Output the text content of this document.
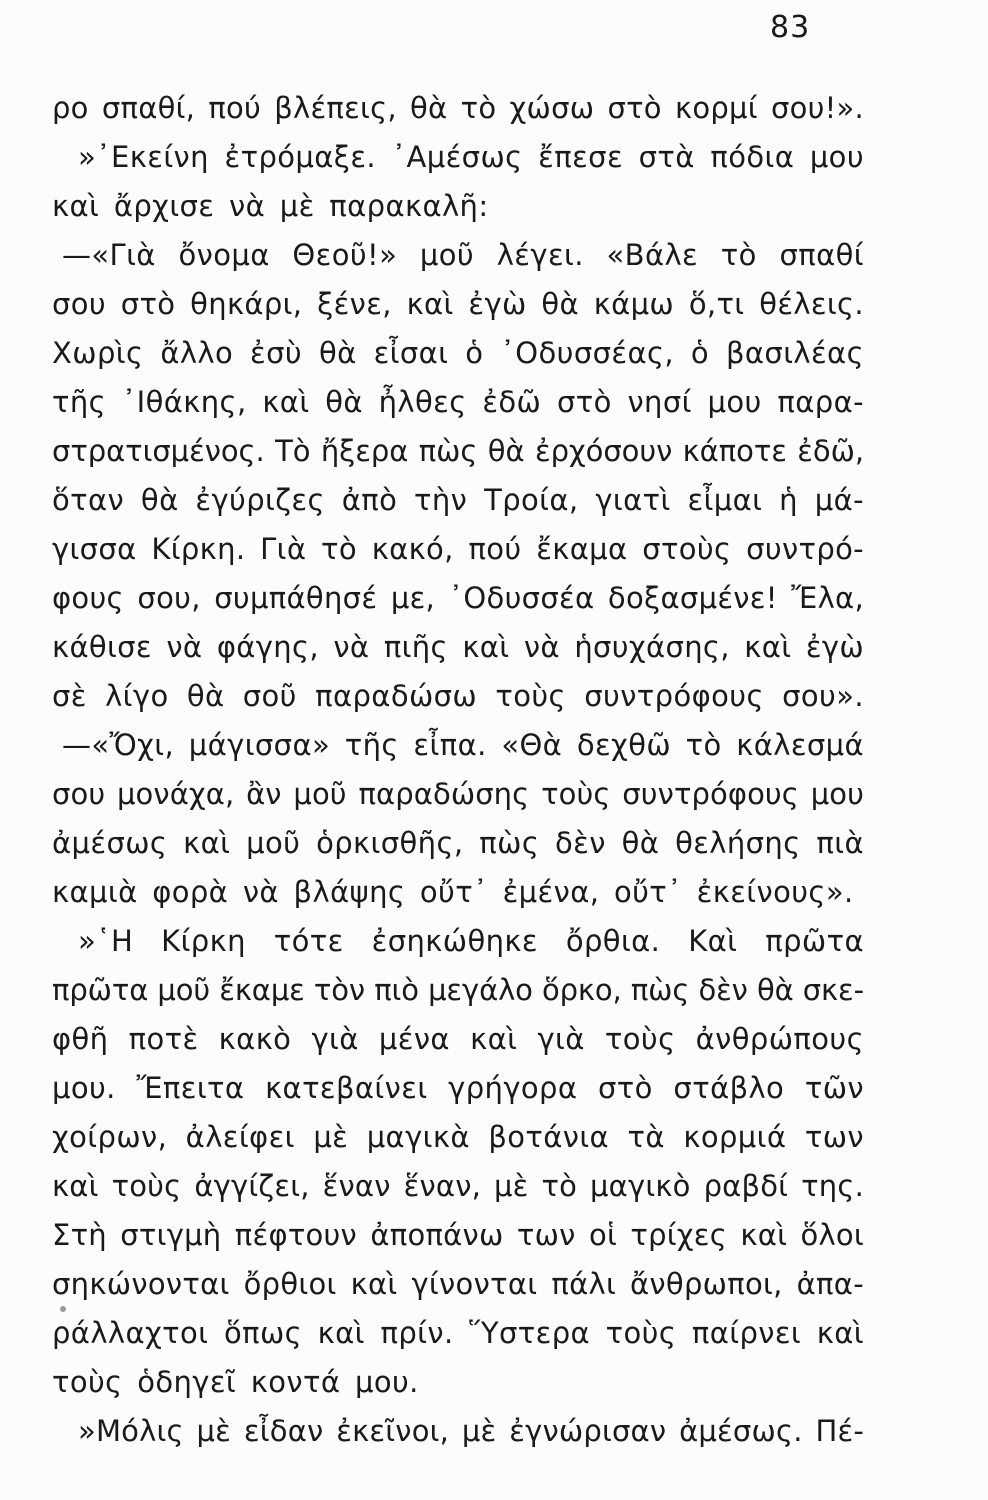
83
ρο σπαθί, πού βλέπεις, θὰ τὸ χώσω στὸ κορμί σου!».
»᾽Εκείνη ἐτρόμαξε. ᾽Αμέσως ἔπεσε στὰ πόδια μου
καὶ ἄρχισε νὰ μὲ παρακαλῆ:
—«Γιὰ ὄνομα Θεοῦ!» μοῦ λέγει. «Βάλε τὸ σπαθί
σου στὸ θηκάρι, ξένε, καὶ ἐγὼ θὰ κάμω ὅ,τι θέλεις.
Χωρὶς ἄλλο ἐσὺ θὰ εἶσαι ὁ ᾽Οδυσσέας, ὁ βασιλέας
τῆς ᾽Ιθάκης, καὶ θὰ ἦλθες ἐδῶ στὸ νησί μου παρα-
στρατισμένος. Τὸ ἤξερα πὼς θὰ ἐρχόσουν κάποτε ἐδῶ,
ὅταν θὰ ἐγύριζες ἀπὸ τὴν Τροία, γιατὶ εἶμαι ἡ μά-
γισσα Κίρκη. Γιὰ τὸ κακό, πού ἔκαμα στοὺς συντρό-
φους σου, συμπάθησέ με, ᾽Οδυσσέα δοξασμένε! Ἔλα,
κάθισε νὰ φάγης, νὰ πιῆς καὶ νὰ ἡσυχάσης, καὶ ἐγὼ
σὲ λίγο θὰ σοῦ παραδώσω τοὺς συντρόφους σου».
—«Ὄχι, μάγισσα» τῆς εἶπα. «Θὰ δεχθῶ τὸ κάλεσμά
σου μονάχα, ἂν μοῦ παραδώσης τοὺς συντρόφους μου
ἀμέσως καὶ μοῦ ὁρκισθῆς, πὼς δὲν θὰ θελήσης πιὰ
καμιὰ φορὰ νὰ βλάψης οὔτ᾽ ἐμένα, οὔτ᾽ ἐκείνους».
»῾Η Κίρκη τότε ἐσηκώθηκε ὄρθια. Καὶ πρῶτα
πρῶτα μοῦ ἔκαμε τὸν πιὸ μεγάλο ὅρκο, πὼς δὲν θὰ σκε-
φθῆ ποτὲ κακὸ γιὰ μένα καὶ γιὰ τοὺς ἀνθρώπους
μου. Ἔπειτα κατεβαίνει γρήγορα στὸ στάβλο τῶν
χοίρων, ἀλείφει μὲ μαγικὰ βοτάνια τὰ κορμιά των
καὶ τοὺς ἀγγίζει, ἕναν ἕναν, μὲ τὸ μαγικὸ ραβδί της.
Στὴ στιγμὴ πέφτουν ἀποπάνω των οἱ τρίχες καὶ ὅλοι
σηκώνονται ὄρθιοι καὶ γίνονται πάλι ἄνθρωποι, ἀπα-
ράλλαχτοι ὅπως καὶ πρίν. Ὕστερα τοὺς παίρνει καὶ
τοὺς ὁδηγεῖ κοντά μου.
»Μόλις μὲ εἶδαν ἐκεῖνοι, μὲ ἐγνώρισαν ἀμέσως. Πέ-
